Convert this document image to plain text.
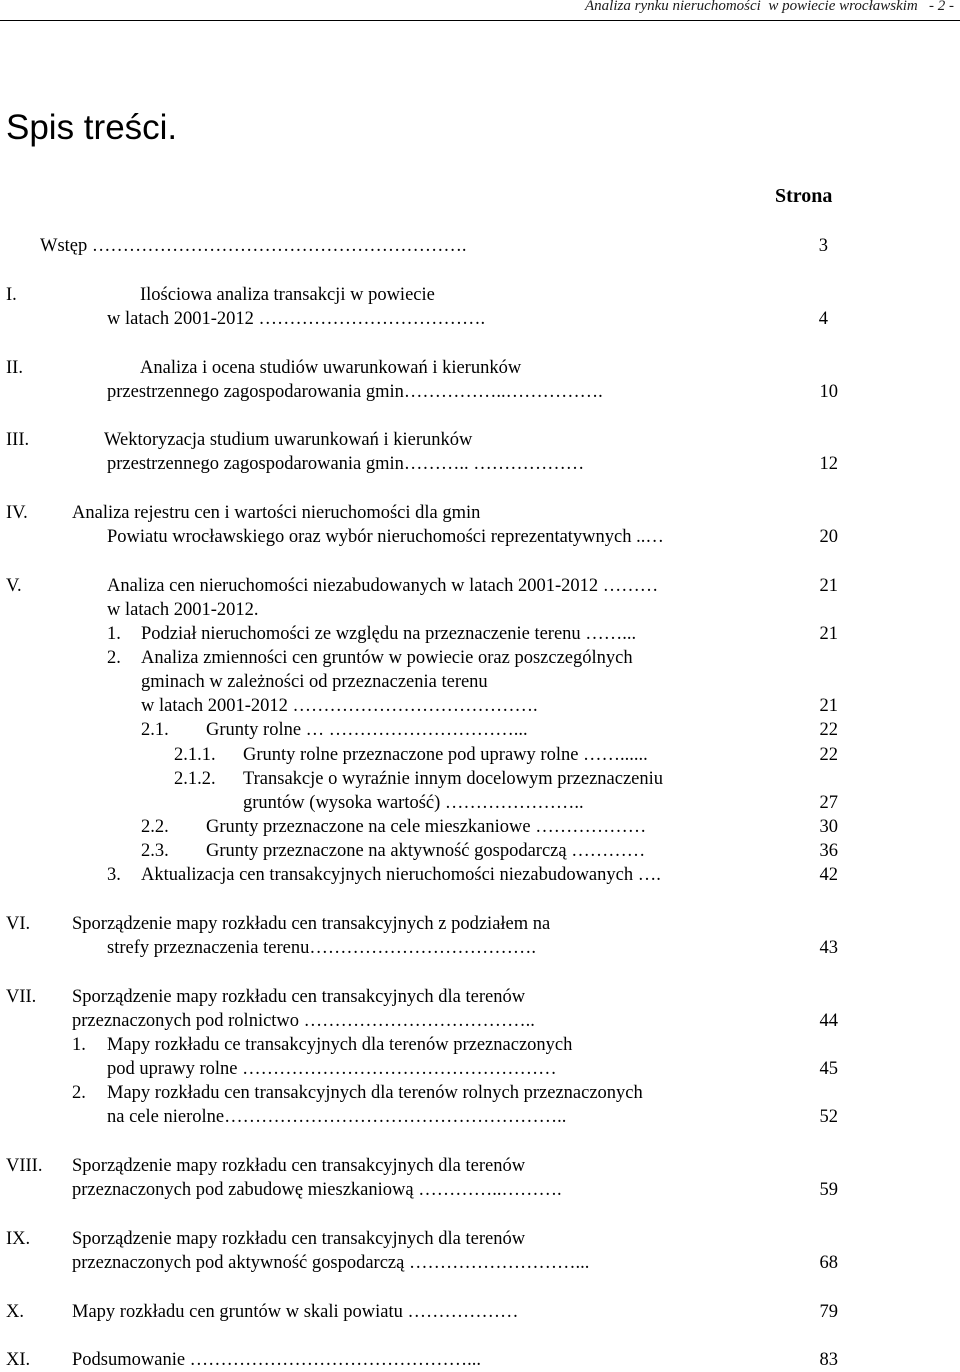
Analiza rynku nieruchomości  w powiecie wrocławskim - 2 -
Spis treści.
Strona
Wstęp …………………………………………………….	3
I.	Ilościowa analiza transakcji w powiecie
w latach 2001-2012 ……………………………….	4
II.	Analiza i ocena studiów uwarunkowań i kierunków
przestrzennego zagospodarowania gmin……………..…………….	10
III.	Wektoryzacja studium uwarunkowań i kierunków
przestrzennego zagospodarowania gmin……….. ………………	12
IV. Analiza rejestru cen i wartości nieruchomości dla gmin
Powiatu wrocławskiego oraz wybór nieruchomości reprezentatywnych ..…	20
V.	Analiza cen nieruchomości niezabudowanych w latach 2001-2012 ………	21
w latach 2001-2012.
1. Podział nieruchomości ze względu na przeznaczenie terenu ……...	21
2. Analiza zmienności cen gruntów w powiecie oraz poszczególnych
gminach w zależności od przeznaczenia terenu
w latach 2001-2012 ………………………………….	21
2.1. Grunty rolne … …………………………...	22
2.1.1. Grunty rolne przeznaczone pod uprawy rolne ……......	22
2.1.2. Transakcje o wyraźnie innym docelowym przeznaczeniu
gruntów (wysoka wartość) …………………..	27
2.2. Grunty przeznaczone na cele mieszkaniowe ………………	30
2.3. Grunty przeznaczone na aktywność gospodarczą …………	36
3. Aktualizacja cen transakcyjnych nieruchomości niezabudowanych ….	42
VI. Sporządzenie mapy rozkładu cen transakcyjnych z podziałem na
strefy przeznaczenia terenu……………………………….	43
VII. Sporządzenie mapy rozkładu cen transakcyjnych dla terenów
przeznaczonych pod rolnictwo ………………………………..	44
1. Mapy rozkładu ce transakcyjnych dla terenów przeznaczonych
pod uprawy rolne ……………………………………………	45
2. Mapy rozkładu cen transakcyjnych dla terenów rolnych przeznaczonych
na cele nierolne………………………………………………..	52
VIII. Sporządzenie mapy rozkładu cen transakcyjnych dla terenów
przeznaczonych pod zabudowę mieszkaniową …………..……….	59
IX. Sporządzenie mapy rozkładu cen transakcyjnych dla terenów
przeznaczonych pod aktywność gospodarczą ………………………...	68
X.	Mapy rozkładu cen gruntów w skali powiatu ………………	79
XI. Podsumowanie ………………………………………...	83
